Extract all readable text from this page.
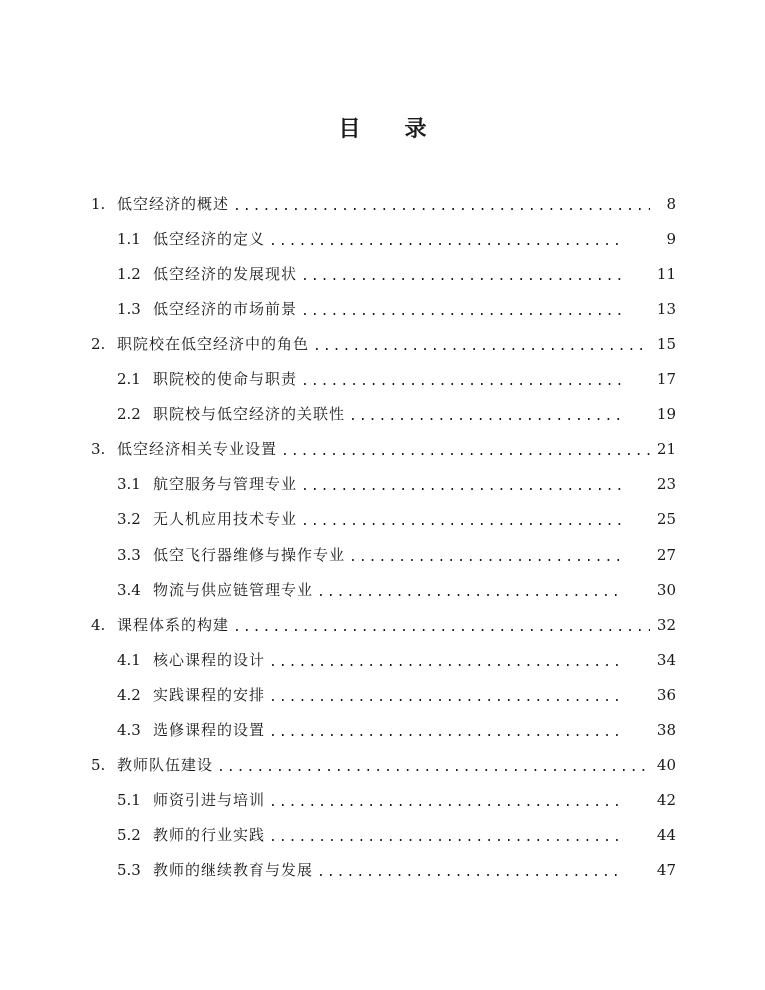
目 录
1. 低空经济的概述 .....	8
1.1 低空经济的定义 .....	9
1.2 低空经济的发展现状 .....	11
1.3 低空经济的市场前景 .....	13
2. 职院校在低空经济中的角色 .....	15
2.1 职院校的使命与职责 .....	17
2.2 职院校与低空经济的关联性 .....	19
3. 低空经济相关专业设置 .....	21
3.1 航空服务与管理专业 .....	23
3.2 无人机应用技术专业 .....	25
3.3 低空飞行器维修与操作专业 .....	27
3.4 物流与供应链管理专业 .....	30
4. 课程体系的构建 .....	32
4.1 核心课程的设计 .....	34
4.2 实践课程的安排 .....	36
4.3 选修课程的设置 .....	38
5. 教师队伍建设 .....	40
5.1 师资引进与培训 .....	42
5.2 教师的行业实践 .....	44
5.3 教师的继续教育与发展 .....	47
